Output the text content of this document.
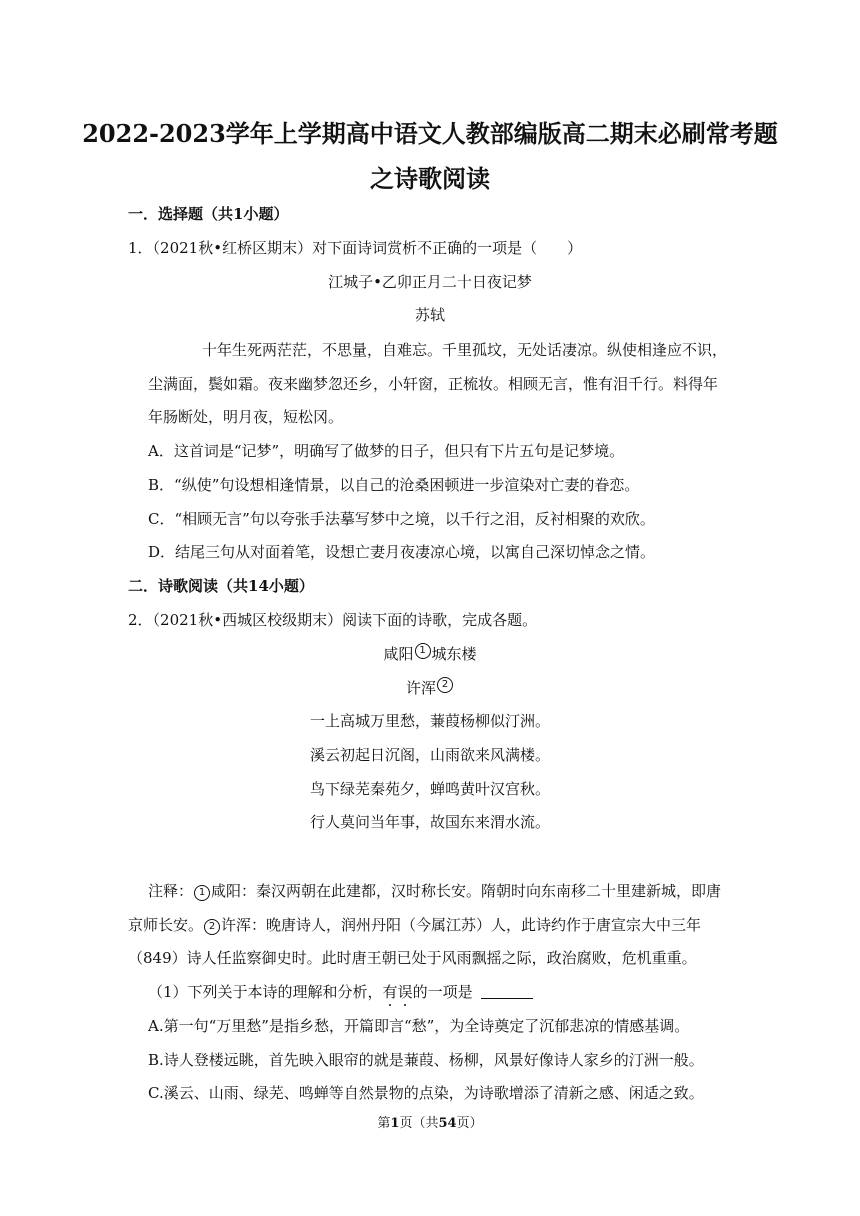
2022-2023学年上学期高中语文人教部编版高二期末必刷常考题
之诗歌阅读
一．选择题（共1小题）
1．（2021秋•红桥区期末）对下面诗词赏析不正确的一项是（　　）
江城子•乙卯正月二十日夜记梦
苏轼
十年生死两茫茫，不思量，自难忘。千里孤坟，无处话凄凉。纵使相逢应不识，
尘满面，鬓如霜。夜来幽梦忽还乡，小轩窗，正梳妆。相顾无言，惟有泪千行。料得年
年肠断处，明月夜，短松冈。
A．这首词是“记梦”，明确写了做梦的日子，但只有下片五句是记梦境。
B．“纵使”句设想相逢情景，以自己的沧桑困顿进一步渲染对亡妻的眷恋。
C．“相顾无言”句以夸张手法摹写梦中之境，以千行之泪，反衬相聚的欢欣。
D．结尾三句从对面着笔，设想亡妻月夜凄凉心境，以寓自己深切悼念之情。
二．诗歌阅读（共14小题）
2．（2021秋•西城区校级期末）阅读下面的诗歌，完成各题。
咸阳 $^1$ 城东楼
许浑 $^2$
一上高城万里愁，蒹葭杨柳似汀洲。
溪云初起日沉阁，山雨欲来风满楼。
鸟下绿芜秦苑夕，蝉鸣黄叶汉宫秋。
行人莫问当年事，故国东来渭水流。
注释： 1 咸阳：秦汉两朝在此建都，汉时称长安。隋朝时向东南移二十里建新城，即唐
京师长安。 2 许浑：晚唐诗人，润州丹阳（今属江苏）人，此诗约作于唐宣宗大中三年
（849）诗人任监察御史时。此时唐王朝已处于风雨飘摇之际，政治腐败，危机重重。
（1）下列关于本诗的理解和分析，有误的一项是
A.第一句“万里愁”是指乡愁，开篇即言“愁”，为全诗奠定了沉郁悲凉的情感基调。
B.诗人登楼远眺，首先映入眼帘的就是蒹葭、杨柳，风景好像诗人家乡的汀洲一般。
C.溪云、山雨、绿芜、鸣蝉等自然景物的点染，为诗歌增添了清新之感、闲适之致。
第1页（共54页）
